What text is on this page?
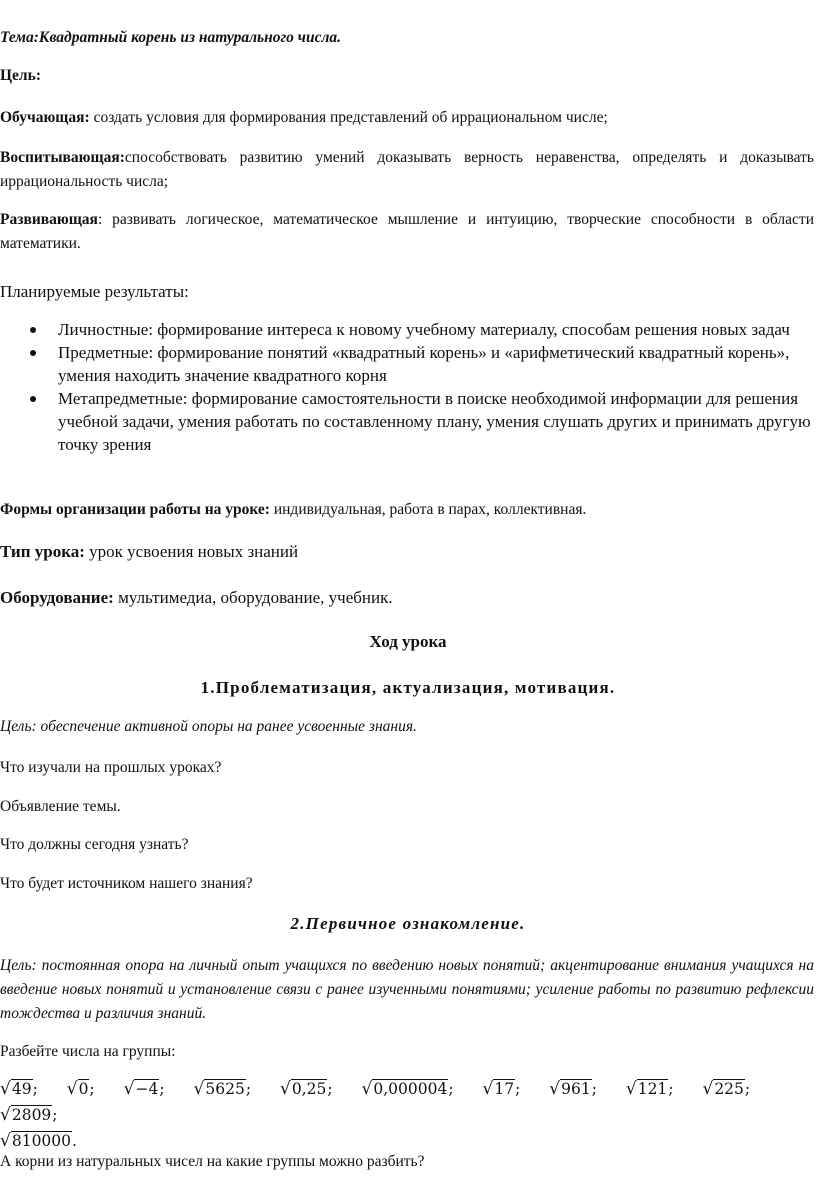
Тема:Квадратный корень из натурального числа.

Цель:

Обучающая: создать условия для формирования представлений об иррациональном числе;

Воспитывающая:способствовать развитию умений доказывать верность неравенства, определять и доказывать иррациональность числа;

Развивающая: развивать логическое, математическое мышление и интуицию, творческие способности в области математики.

Планируемые результаты:

Личностные: формирование интереса к новому учебному материалу, способам решения новых задач
Предметные: формирование понятий «квадратный корень» и «арифметический квадратный корень», умения находить значение квадратного корня
Метапредметные: формирование самостоятельности в поиске необходимой информации для решения учебной задачи, умения работать по составленному плану, умения слушать других и принимать другую точку зрения

Формы организации работы на уроке: индивидуальная, работа в парах, коллективная.

Тип урока: урок усвоения новых знаний

Оборудование: мультимедиа, оборудование, учебник.

Ход урока

1.Проблематизация, актуализация, мотивация.

Цель: обеспечение активной опоры на ранее усвоенные знания.

Что изучали на прошлых уроках?

Объявление темы.

Что должны сегодня узнать?

Что будет источником нашего знания?

2.Первичное ознакомление.

Цель: постоянная опора на личный опыт учащихся по введению новых понятий; акцентирование внимания учащихся на введение новых понятий и установление связи с ранее изученными понятиями; усиление работы по развитию рефлексии тождества и различия знаний.

Разбейте числа на группы:

√49; √0; √−4; √5625; √0,25; √0,000004; √17; √961; √121; √225; √2809;
√810000.

А корни из натуральных чисел на какие группы можно разбить?
